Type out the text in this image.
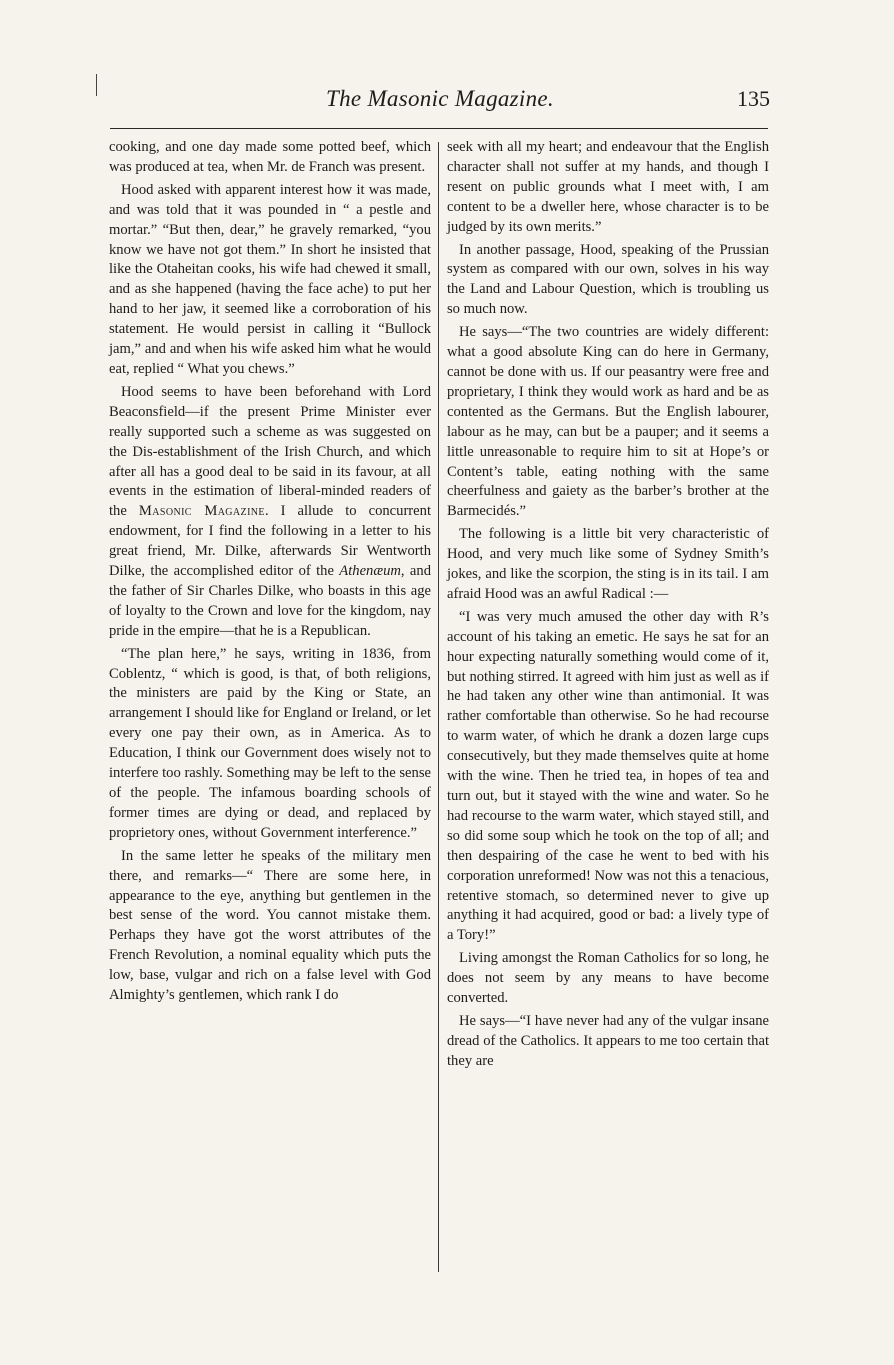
The Masonic Magazine.	135

cooking, and one day made some potted beef, which was produced at tea, when Mr. de Franch was present.

Hood asked with apparent interest how it was made, and was told that it was pounded in “ a pestle and mortar.” “But then, dear,” he gravely remarked, “you know we have not got them.” In short he insisted that like the Otaheitan cooks, his wife had chewed it small, and as she happened (having the face ache) to put her hand to her jaw, it seemed like a corroboration of his statement. He would persist in calling it “Bullock jam,” and and when his wife asked him what he would eat, replied “ What you chews.”

Hood seems to have been beforehand with Lord Beaconsfield—if the present Prime Minister ever really supported such a scheme as was suggested on the Dis-establishment of the Irish Church, and which after all has a good deal to be said in its favour, at all events in the estimation of liberal-minded readers of the Masonic Magazine. I allude to concurrent endowment, for I find the following in a letter to his great friend, Mr. Dilke, afterwards Sir Wentworth Dilke, the accomplished editor of the Athenæum, and the father of Sir Charles Dilke, who boasts in this age of loyalty to the Crown and love for the kingdom, nay pride in the empire—that he is a Republican.

“The plan here,” he says, writing in 1836, from Coblentz, “ which is good, is that, of both religions, the ministers are paid by the King or State, an arrangement I should like for England or Ireland, or let every one pay their own, as in America. As to Education, I think our Government does wisely not to interfere too rashly. Something may be left to the sense of the people. The infamous boarding schools of former times are dying or dead, and replaced by proprietory ones, without Government interference.”

In the same letter he speaks of the military men there, and remarks—“ There are some here, in appearance to the eye, anything but gentlemen in the best sense of the word. You cannot mistake them. Perhaps they have got the worst attributes of the French Revolution, a nominal equality which puts the low, base, vulgar and rich on a false level with God Almighty’s gentlemen, which rank I do

seek with all my heart; and endeavour that the English character shall not suffer at my hands, and though I resent on public grounds what I meet with, I am content to be a dweller here, whose character is to be judged by its own merits.”

In another passage, Hood, speaking of the Prussian system as compared with our own, solves in his way the Land and Labour Question, which is troubling us so much now.

He says—“The two countries are widely different: what a good absolute King can do here in Germany, cannot be done with us. If our peasantry were free and proprietary, I think they would work as hard and be as contented as the Germans. But the English labourer, labour as he may, can but be a pauper; and it seems a little unreasonable to require him to sit at Hope’s or Content’s table, eating nothing with the same cheerfulness and gaiety as the barber’s brother at the Barmecidés.”

The following is a little bit very characteristic of Hood, and very much like some of Sydney Smith’s jokes, and like the scorpion, the sting is in its tail. I am afraid Hood was an awful Radical :—

“I was very much amused the other day with R’s account of his taking an emetic. He says he sat for an hour expecting naturally something would come of it, but nothing stirred. It agreed with him just as well as if he had taken any other wine than antimonial. It was rather comfortable than otherwise. So he had recourse to warm water, of which he drank a dozen large cups consecutively, but they made themselves quite at home with the wine. Then he tried tea, in hopes of tea and turn out, but it stayed with the wine and water. So he had recourse to the warm water, which stayed still, and so did some soup which he took on the top of all; and then despairing of the case he went to bed with his corporation unreformed! Now was not this a tenacious, retentive stomach, so determined never to give up anything it had acquired, good or bad: a lively type of a Tory!”

Living amongst the Roman Catholics for so long, he does not seem by any means to have become converted.

He says—“I have never had any of the vulgar insane dread of the Catholics. It appears to me too certain that they are
